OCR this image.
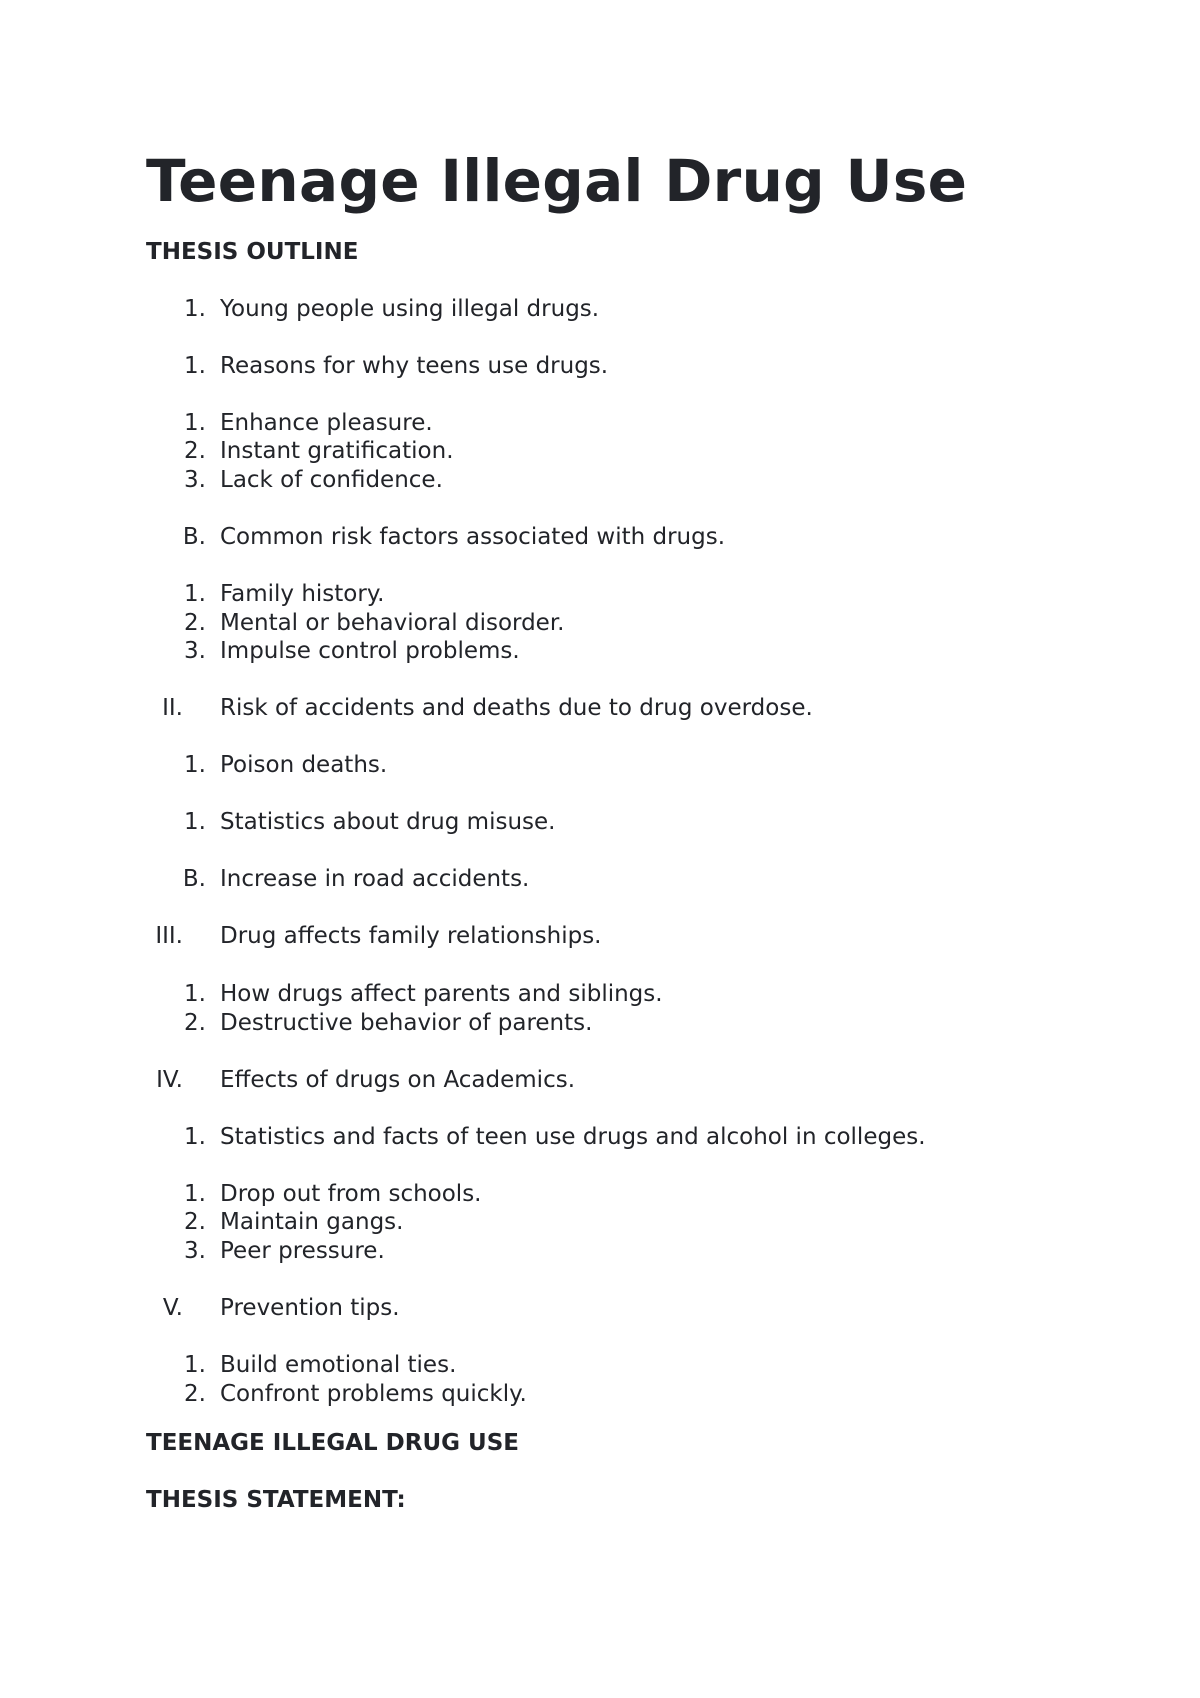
Teenage Illegal Drug Use
THESIS OUTLINE
1. Young people using illegal drugs.
1. Reasons for why teens use drugs.
1. Enhance pleasure.
2. Instant gratification.
3. Lack of confidence.
B. Common risk factors associated with drugs.
1. Family history.
2. Mental or behavioral disorder.
3. Impulse control problems.
II. Risk of accidents and deaths due to drug overdose.
1. Poison deaths.
1. Statistics about drug misuse.
B. Increase in road accidents.
III. Drug affects family relationships.
1. How drugs affect parents and siblings.
2. Destructive behavior of parents.
IV. Effects of drugs on Academics.
1. Statistics and facts of teen use drugs and alcohol in colleges.
1. Drop out from schools.
2. Maintain gangs.
3. Peer pressure.
V. Prevention tips.
1. Build emotional ties.
2. Confront problems quickly.
TEENAGE ILLEGAL DRUG USE
THESIS STATEMENT:
